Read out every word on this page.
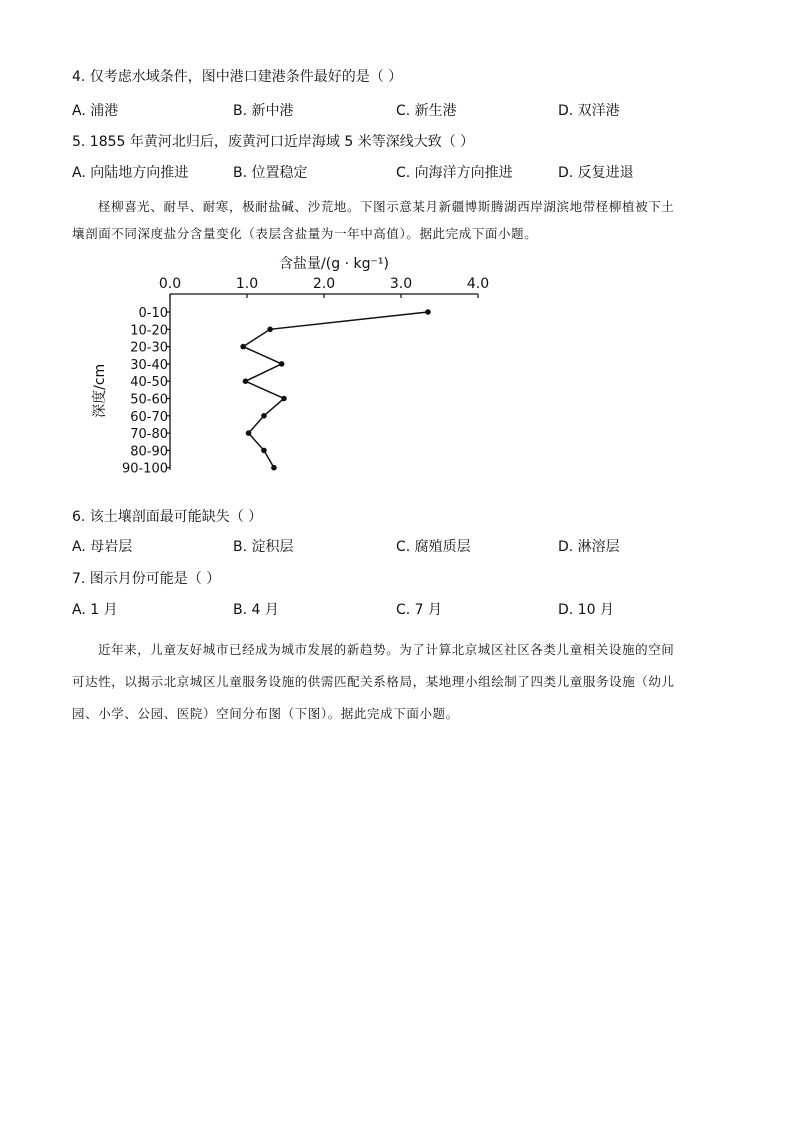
4. 仅考虑水域条件，图中港口建港条件最好的是（ ）
A. 浦港	B. 新中港	C. 新生港	D. 双洋港
5. 1855 年黄河北归后，废黄河口近岸海域 5 米等深线大致（ ）
A. 向陆地方向推进	B. 位置稳定	C. 向海洋方向推进	D. 反复进退
柽柳喜光、耐旱、耐寒，极耐盐碱、沙荒地。下图示意某月新疆博斯腾湖西岸湖滨地带柽柳植被下土
壤剖面不同深度盐分含量变化（表层含盐量为一年中高值）。据此完成下面小题。
含盐量/(g · kg⁻¹)
0.0	1.0	2.0	3.0	4.0
0-10
10-20
20-30
30-40
40-50
50-60
60-70
70-80
80-90
90-100
深度/cm
6. 该土壤剖面最可能缺失（ ）
A. 母岩层	B. 淀积层	C. 腐殖质层	D. 淋溶层
7. 图示月份可能是（ ）
A. 1 月	B. 4 月	C. 7 月	D. 10 月
近年来，儿童友好城市已经成为城市发展的新趋势。为了计算北京城区社区各类儿童相关设施的空间
可达性，以揭示北京城区儿童服务设施的供需匹配关系格局，某地理小组绘制了四类儿童服务设施（幼儿
园、小学、公园、医院）空间分布图（下图）。据此完成下面小题。
